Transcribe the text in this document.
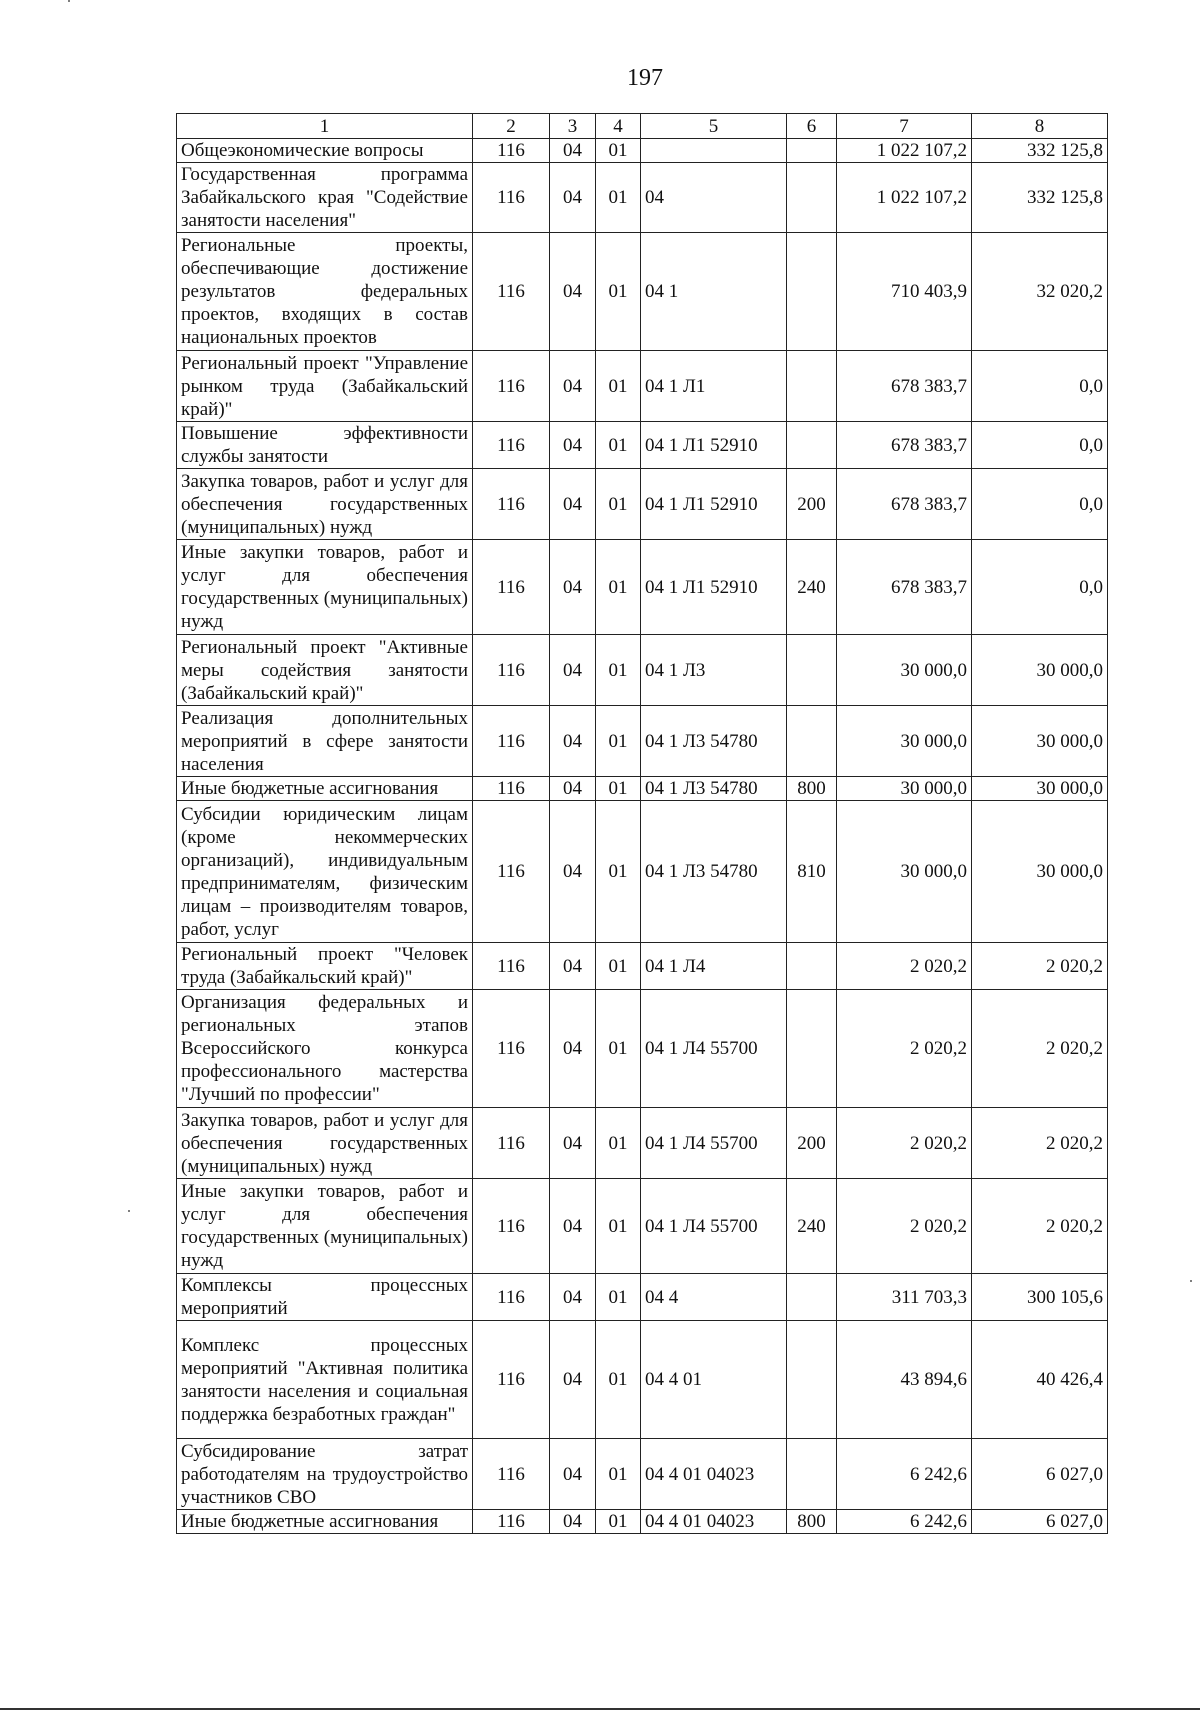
197
1	2	3	4	5	6	7	8
Общеэкономические вопросы	116	04	01			1 022 107,2	332 125,8
Государственная программа Забайкальского края "Содействие занятости населения"	116	04	01	04		1 022 107,2	332 125,8
Региональные проекты, обеспечивающие достижение результатов федеральных проектов, входящих в состав национальных проектов	116	04	01	04 1		710 403,9	32 020,2
Региональный проект "Управление рынком труда (Забайкальский край)"	116	04	01	04 1 Л1		678 383,7	0,0
Повышение эффективности службы занятости	116	04	01	04 1 Л1 52910		678 383,7	0,0
Закупка товаров, работ и услуг для обеспечения государственных (муниципальных) нужд	116	04	01	04 1 Л1 52910	200	678 383,7	0,0
Иные закупки товаров, работ и услуг для обеспечения государственных (муниципальных) нужд	116	04	01	04 1 Л1 52910	240	678 383,7	0,0
Региональный проект "Активные меры содействия занятости (Забайкальский край)"	116	04	01	04 1 Л3		30 000,0	30 000,0
Реализация дополнительных мероприятий в сфере занятости населения	116	04	01	04 1 Л3 54780		30 000,0	30 000,0
Иные бюджетные ассигнования	116	04	01	04 1 Л3 54780	800	30 000,0	30 000,0
Субсидии юридическим лицам (кроме некоммерческих организаций), индивидуальным предпринимателям, физическим лицам – производителям товаров, работ, услуг	116	04	01	04 1 Л3 54780	810	30 000,0	30 000,0
Региональный проект "Человек труда (Забайкальский край)"	116	04	01	04 1 Л4		2 020,2	2 020,2
Организация федеральных и региональных этапов Всероссийского конкурса профессионального мастерства "Лучший по профессии"	116	04	01	04 1 Л4 55700		2 020,2	2 020,2
Закупка товаров, работ и услуг для обеспечения государственных (муниципальных) нужд	116	04	01	04 1 Л4 55700	200	2 020,2	2 020,2
Иные закупки товаров, работ и услуг для обеспечения государственных (муниципальных) нужд	116	04	01	04 1 Л4 55700	240	2 020,2	2 020,2
Комплексы процессных мероприятий	116	04	01	04 4		311 703,3	300 105,6
Комплекс процессных мероприятий "Активная политика занятости населения и социальная поддержка безработных граждан"	116	04	01	04 4 01		43 894,6	40 426,4
Субсидирование затрат работодателям на трудоустройство участников СВО	116	04	01	04 4 01 04023		6 242,6	6 027,0
Иные бюджетные ассигнования	116	04	01	04 4 01 04023	800	6 242,6	6 027,0
